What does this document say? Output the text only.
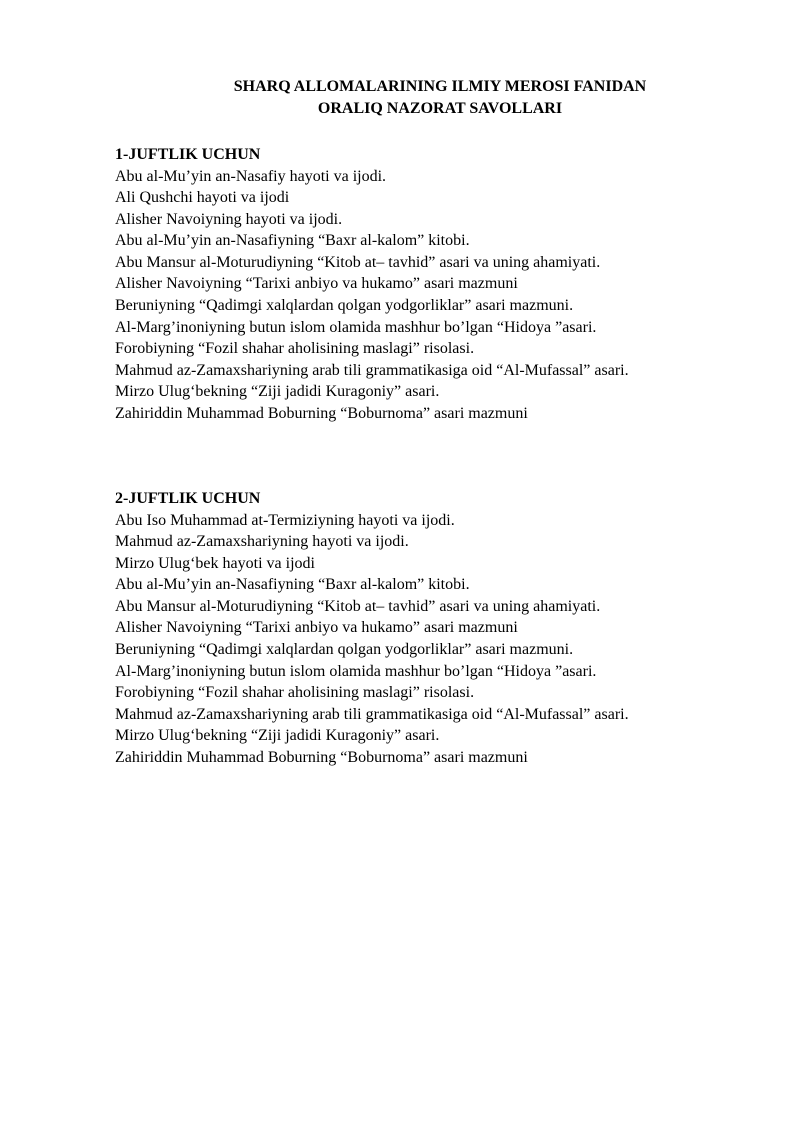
SHARQ ALLOMALARINING ILMIY MEROSI FANIDAN
ORALIQ NAZORAT SAVOLLARI
1-JUFTLIK UCHUN
Abu al-Mu’yin an-Nasafiy hayoti va ijodi.
Ali Qushchi hayoti va ijodi
Alisher Navoiyning hayoti va ijodi.
Abu al-Mu’yin an-Nasafiyning “Baxr al-kalom” kitobi.
Abu Mansur al-Moturudiyning “Kitob at– tavhid” asari va uning ahamiyati.
Alisher Navoiyning “Tarixi anbiyo va hukamo” asari mazmuni
Beruniyning “Qadimgi xalqlardan qolgan yodgorliklar” asari mazmuni.
Al-Marg’inoniyning butun islom olamida mashhur bo’lgan “Hidoya ”asari.
Forobiyning “Fozil shahar aholisining maslagi” risolasi.
Mahmud az-Zamaxshariyning arab tili grammatikasiga oid “Al-Mufassal” asari.
Mirzo Ulug‘bekning “Ziji jadidi Kuragoniy” asari.
Zahiriddin Muhammad Boburning “Boburnoma” asari mazmuni
2-JUFTLIK UCHUN
Abu Iso Muhammad at-Termiziyning hayoti va ijodi.
Mahmud az-Zamaxshariyning hayoti va ijodi.
Mirzo Ulug‘bek hayoti va ijodi
Abu al-Mu’yin an-Nasafiyning “Baxr al-kalom” kitobi.
Abu Mansur al-Moturudiyning “Kitob at– tavhid” asari va uning ahamiyati.
Alisher Navoiyning “Tarixi anbiyo va hukamo” asari mazmuni
Beruniyning “Qadimgi xalqlardan qolgan yodgorliklar” asari mazmuni.
Al-Marg’inoniyning butun islom olamida mashhur bo’lgan “Hidoya ”asari.
Forobiyning “Fozil shahar aholisining maslagi” risolasi.
Mahmud az-Zamaxshariyning arab tili grammatikasiga oid “Al-Mufassal” asari.
Mirzo Ulug‘bekning “Ziji jadidi Kuragoniy” asari.
Zahiriddin Muhammad Boburning “Boburnoma” asari mazmuni
